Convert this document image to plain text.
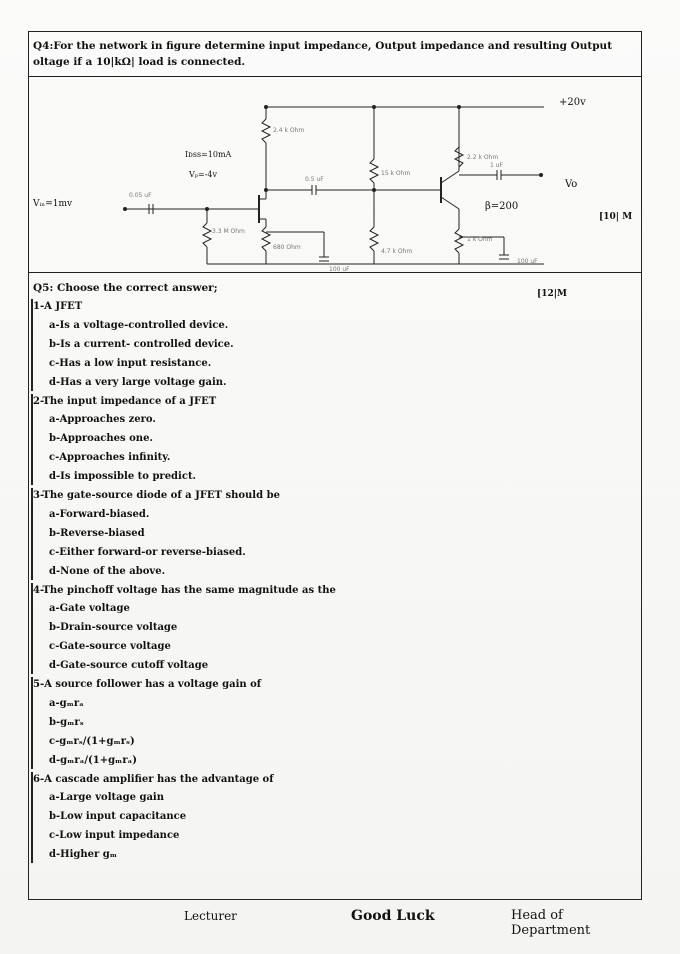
Q4:For the network in figure determine input impedance, Output impedance and resulting Output
oltage if a 10|kΩ| load is connected.
+20v
Vo
β=200
Iᴅss=10mA
Vₚ=-4v
Vᵢₙ=1mv
0.05 uF
3.3 M Ohm
2.4 k Ohm
680 Ohm
100 uF
0.5 uF
15 k Ohm
4.7 k Ohm
2.2 k Ohm
1 uF
1 k Ohm
100 uF
[10| M
Q5: Choose the correct answer;	[12|M
1-A JFET
a-Is a voltage-controlled device.
b-Is a current- controlled device.
c-Has a low input resistance.
d-Has a very large voltage gain.
2-The input impedance of a JFET
a-Approaches zero.
b-Approaches one.
c-Approaches infinity.
d-Is impossible to predict.
3-The gate-source diode of a JFET should be
a-Forward-biased.
b-Reverse-biased
c-Either forward-or reverse-biased.
d-None of the above.
4-The pinchoff voltage has the same magnitude as the
a-Gate voltage
b-Drain-source voltage
c-Gate-source voltage
d-Gate-source cutoff voltage
5-A source follower has a voltage gain of
a-gₘrₐ
b-gₘrₛ
c-gₘrₛ/(1+gₘrₛ)
d-gₘrₐ/(1+gₘrₐ)
6-A cascade amplifier has the advantage of
a-Large voltage gain
b-Low input capacitance
c-Low input impedance
d-Higher gₘ
Lecturer	Good Luck	Head of Department
